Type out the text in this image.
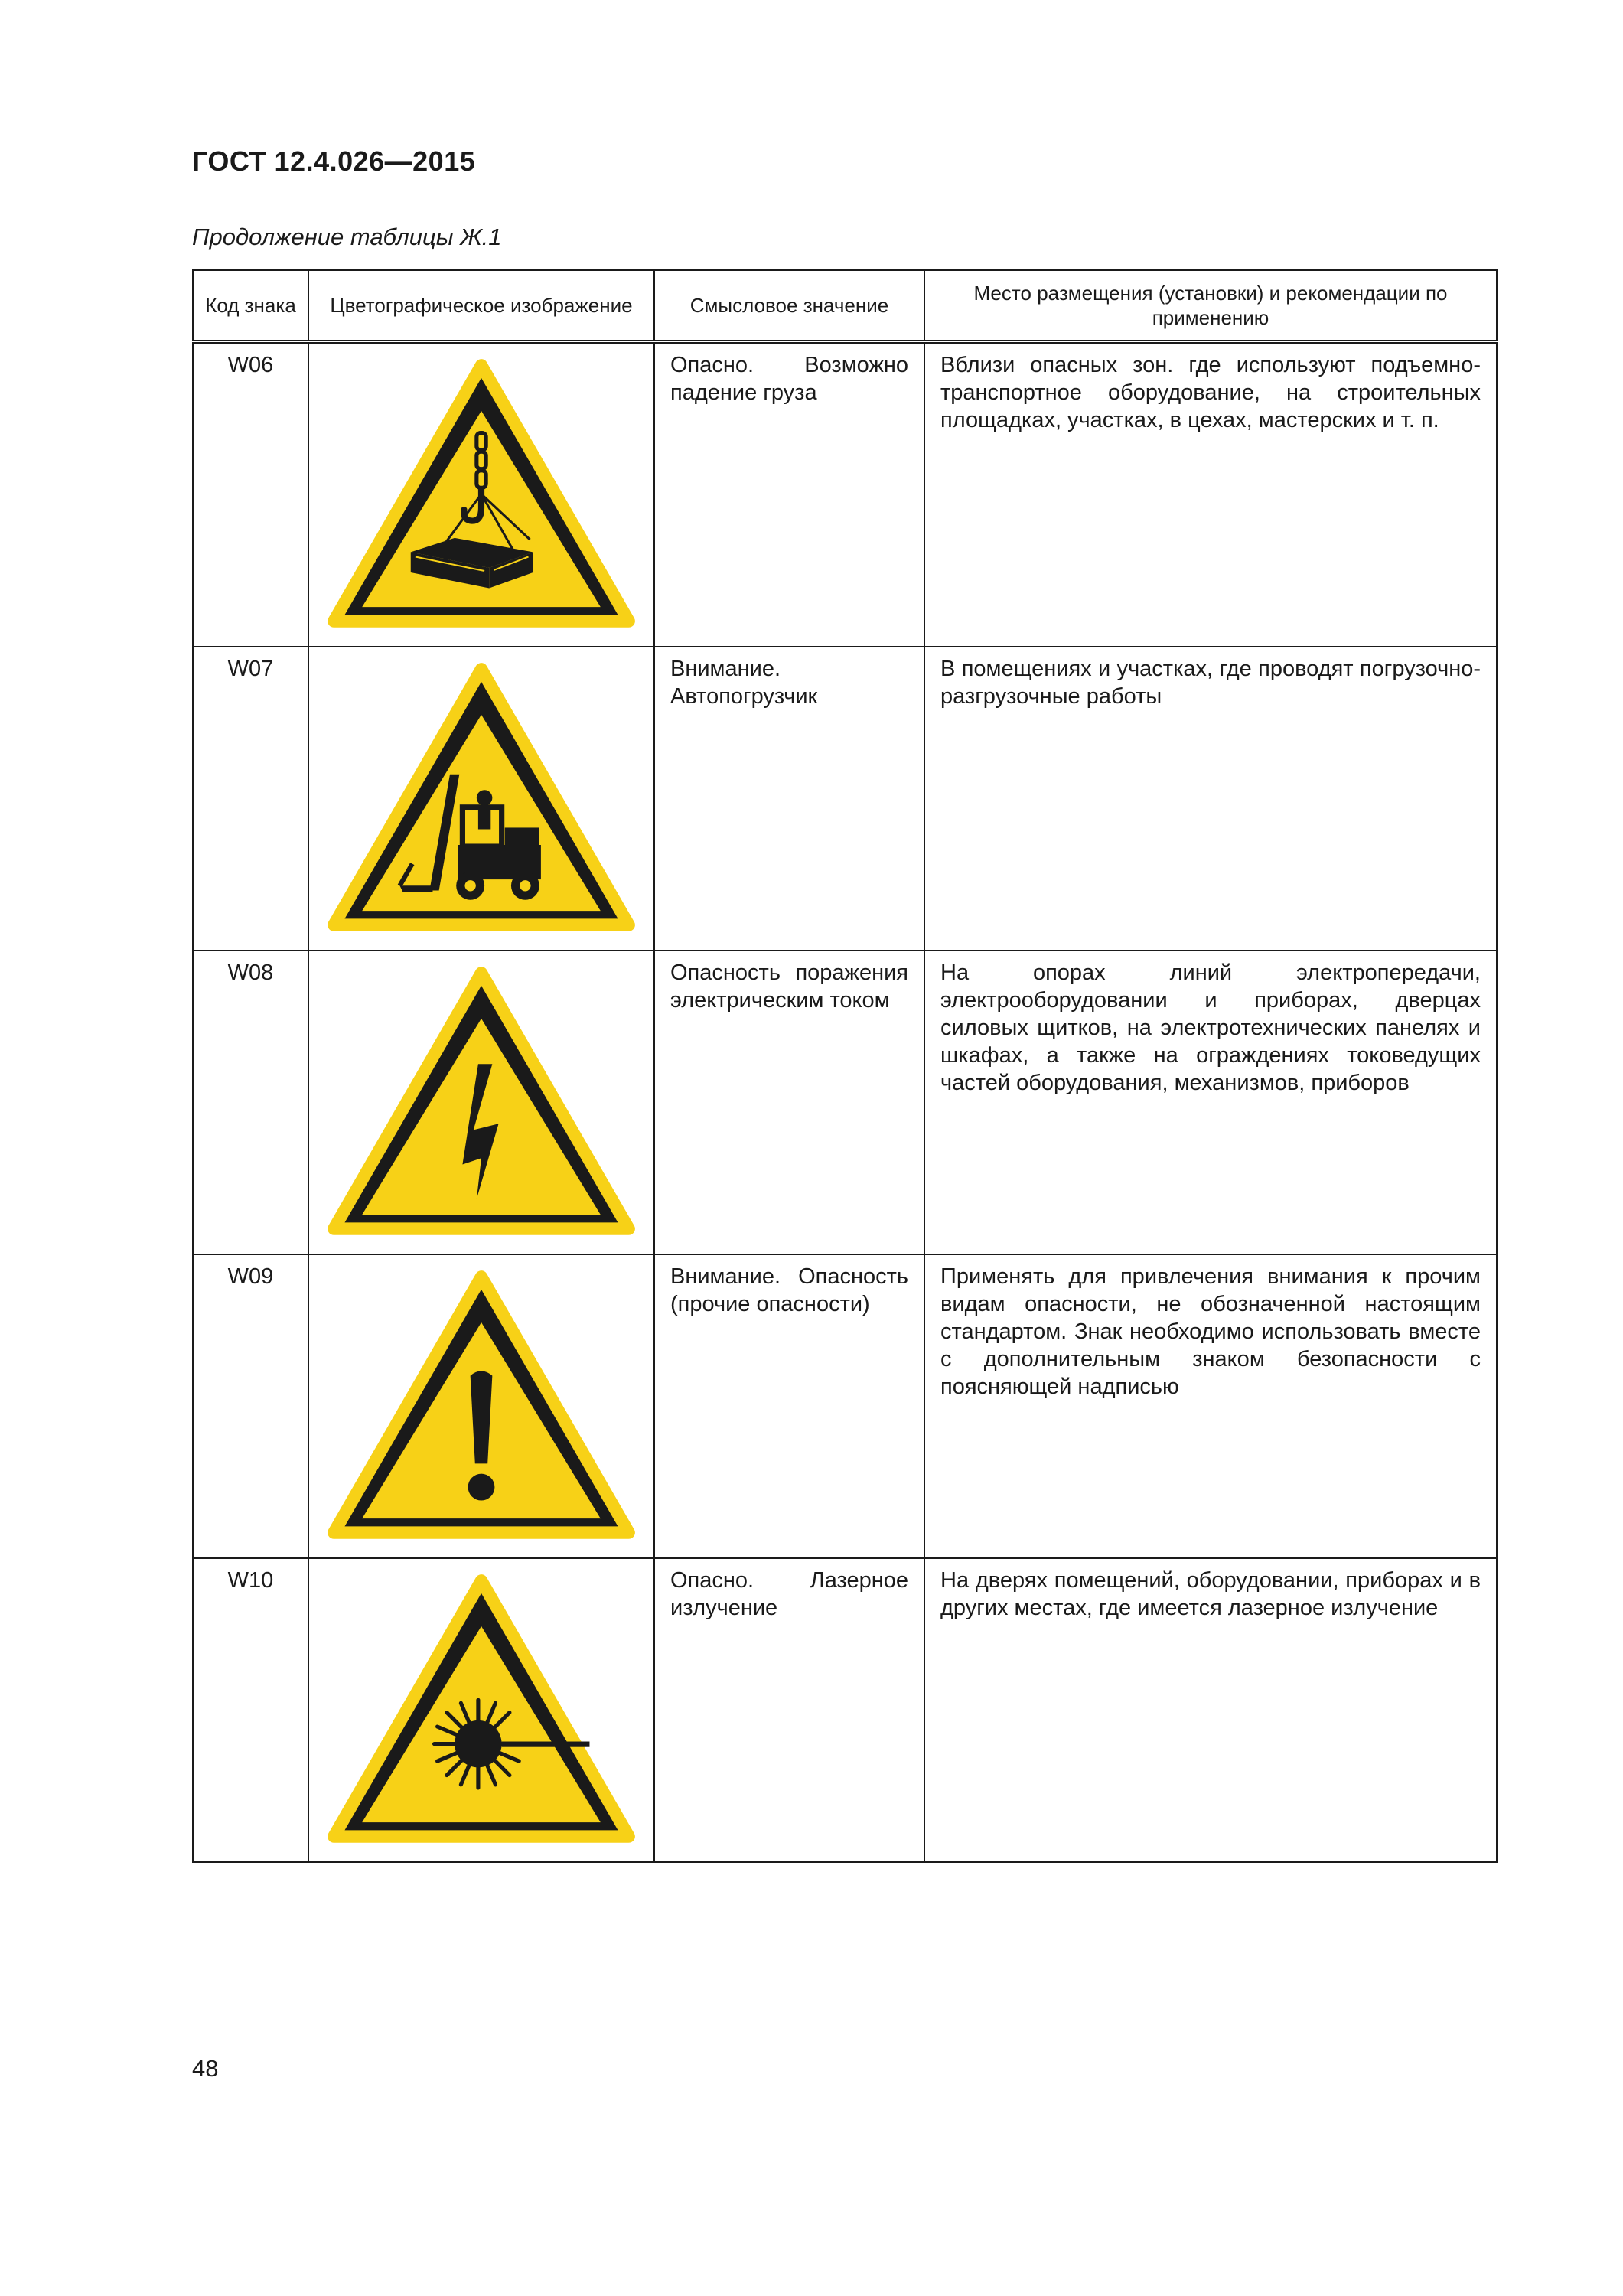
ГОСТ 12.4.026—2015
Продолжение таблицы Ж.1
Код знака	Цветографическое изображение	Смысловое значение	Место размещения (установки) и рекомендации по применению
W06		Опасно. Возможно падение груза	Вблизи опасных зон. где используют подъемно-транспортное оборудование, на строительных площадках, участках, в цехах, мастерских и т. п.
W07		Внимание. Автопогрузчик	В помещениях и участках, где проводят погрузочно-разгрузочные работы
W08		Опасность поражения электрическим током	На опорах линий электропередачи, электрооборудовании и приборах, дверцах силовых щитков, на электротехнических панелях и шкафах, а также на ограждениях токоведущих частей оборудования, механизмов, приборов
W09		Внимание. Опасность (прочие опасности)	Применять для привлечения внимания к прочим видам опасности, не обозначенной настоящим стандартом. Знак необходимо использовать вместе с дополнительным знаком безопасности с поясняющей надписью
W10		Опасно. Лазерное излучение	На дверях помещений, оборудовании, приборах и в других местах, где имеется лазерное излучение
48
